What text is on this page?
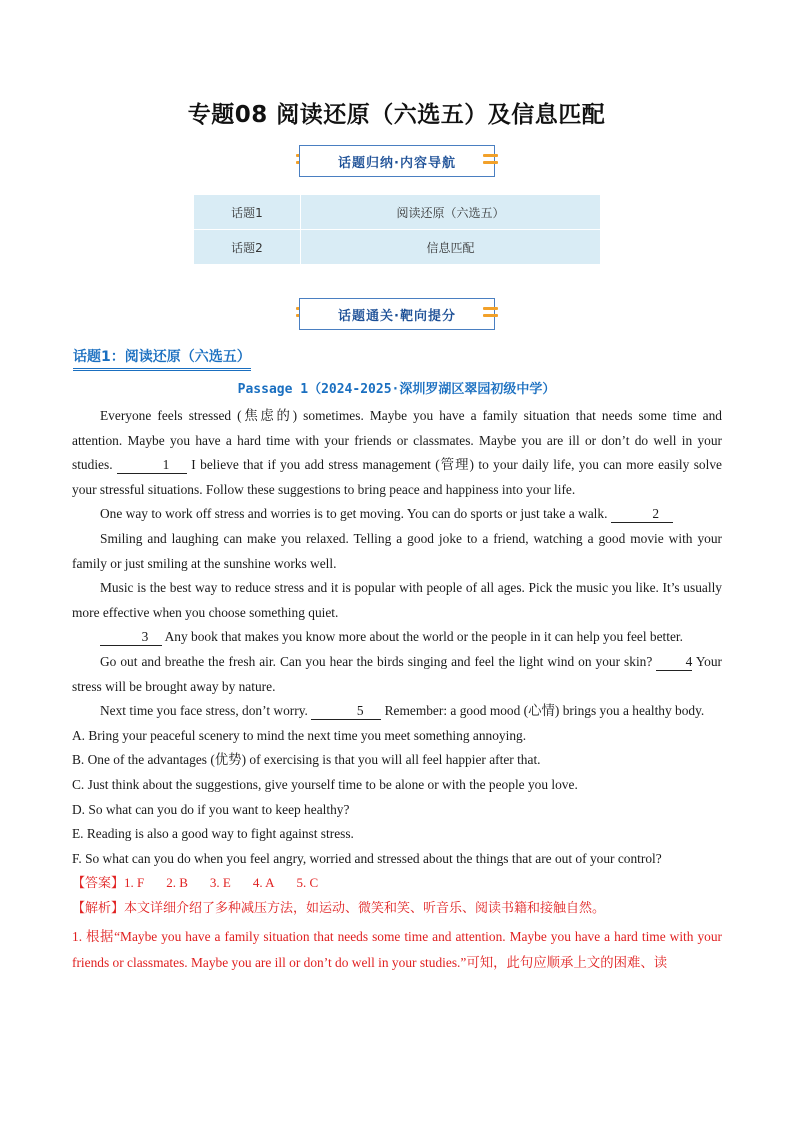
专题08 阅读还原（六选五）及信息匹配
话题归纳·内容导航
话题1	阅读还原（六选五）
话题2	信息匹配
话题通关·靶向提分
话题1：阅读还原（六选五）
Passage 1（2024-2025·深圳罗湖区翠园初级中学）

Everyone feels stressed (焦虑的) sometimes. Maybe you have a family situation that needs some time and attention. Maybe you have a hard time with your friends or classmates. Maybe you are ill or don’t do well in your studies.	1 I believe that if you add stress management (管理) to your daily life, you can more easily solve your stressful situations. Follow these suggestions to bring peace and happiness into your life.

One way to work off stress and worries is to get moving. You can do sports or just take a walk.	2

Smiling and laughing can make you relaxed. Telling a good joke to a friend, watching a good movie with your family or just smiling at the sunshine works well.

Music is the best way to reduce stress and it is popular with people of all ages. Pick the music you like. It’s usually more effective when you choose something quiet.

3 Any book that makes you know more about the world or the people in it can help you feel better.

Go out and breathe the fresh air. Can you hear the birds singing and feel the light wind on your skin? 4 Your stress will be brought away by nature.

Next time you face stress, don’t worry.	5 Remember: a good mood (心情) brings you a healthy body.

A. Bring your peaceful scenery to mind the next time you meet something annoying.

B. One of the advantages (优势) of exercising is that you will all feel happier after that.

C. Just think about the suggestions, give yourself time to be alone or with the people you love.

D. So what can you do if you want to keep healthy?

E. Reading is also a good way to fight against stress.

F. So what can you do when you feel angry, worried and stressed about the things that are out of your control?

【答案】1. F 2. B 3. E 4. A 5. C

【解析】本文详细介绍了多种减压方法，如运动、微笑和笑、听音乐、阅读书籍和接触自然。

1. 根据“Maybe you have a family situation that needs some time and attention. Maybe you have a hard time with your friends or classmates. Maybe you are ill or don’t do well in your studies.”可知，此句应顺承上文的困难、读
